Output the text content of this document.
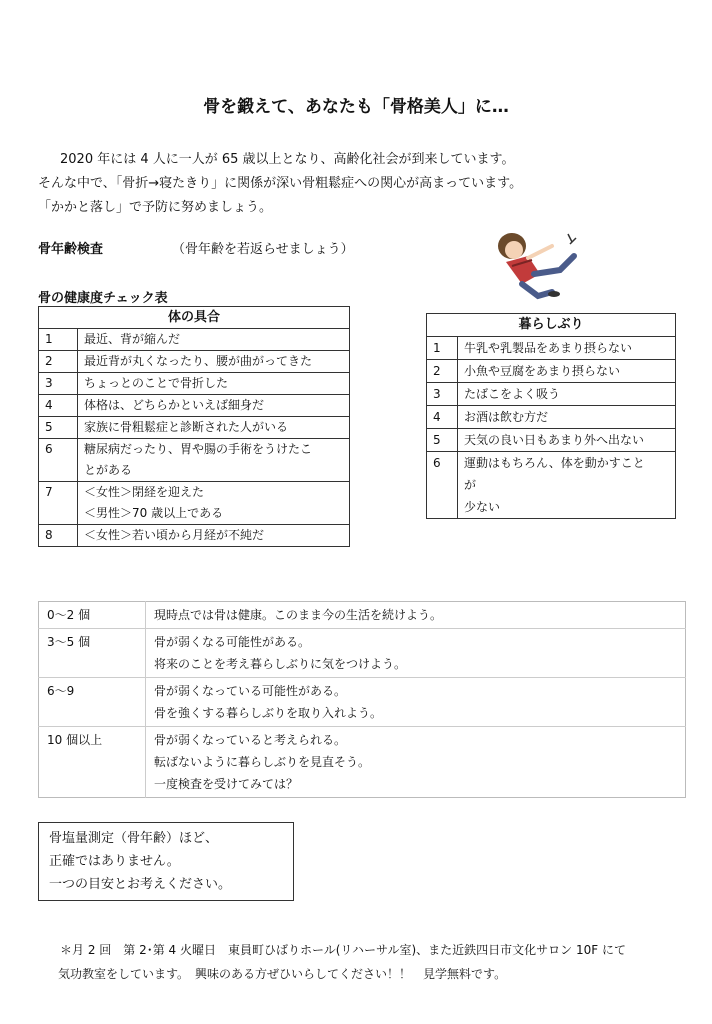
骨を鍛えて、あなたも「骨格美人」に…
2020 年には 4 人に一人が 65 歳以上となり、高齢化社会が到来しています。
そんな中で、「骨折→寝たきり」に関係が深い骨粗鬆症への関心が高まっています。
「かかと落し」で予防に努めましょう。
骨年齢検査	（骨年齢を若返らせましょう）
骨の健康度チェック表
体の具合	
1	最近、背が縮んだ

2	最近背が丸くなったり、腰が曲がってきた

3	ちょっとのことで骨折した

4	体格は、どちらかといえば細身だ

5	家族に骨粗鬆症と診断された人がいる

6	糖尿病だったり、胃や腸の手術をうけたこ
とがある

7	＜女性＞閉経を迎えた
＜男性＞70 歳以上である

8	＜女性＞若い頃から月経が不純だ
暮らしぶり	
1	牛乳や乳製品をあまり摂らない

2	小魚や豆腐をあまり摂らない

3	たばこをよく吸う

4	お酒は飲む方だ

5	天気の良い日もあまり外へ出ない

6	運動はもちろん、体を動かすこと
が
少ない
0～2 個	現時点では骨は健康。このまま今の生活を続けよう。

3～5 個	骨が弱くなる可能性がある。
将来のことを考え暮らしぶりに気をつけよう。

6～9	骨が弱くなっている可能性がある。
骨を強くする暮らしぶりを取り入れよう。

10 個以上	骨が弱くなっていると考えられる。
転ばないように暮らしぶりを見直そう。
一度検査を受けてみては？
骨塩量測定（骨年齢）ほど、
正確ではありません。
一つの目安とお考えください。
＊月 2 回　第 2･第 4 火曜日　東員町ひばりホール(リハーサル室)、また近鉄四日市文化サロン 10F にて
気功教室をしています。　興味のある方ぜひいらしてください！！　見学無料です。
